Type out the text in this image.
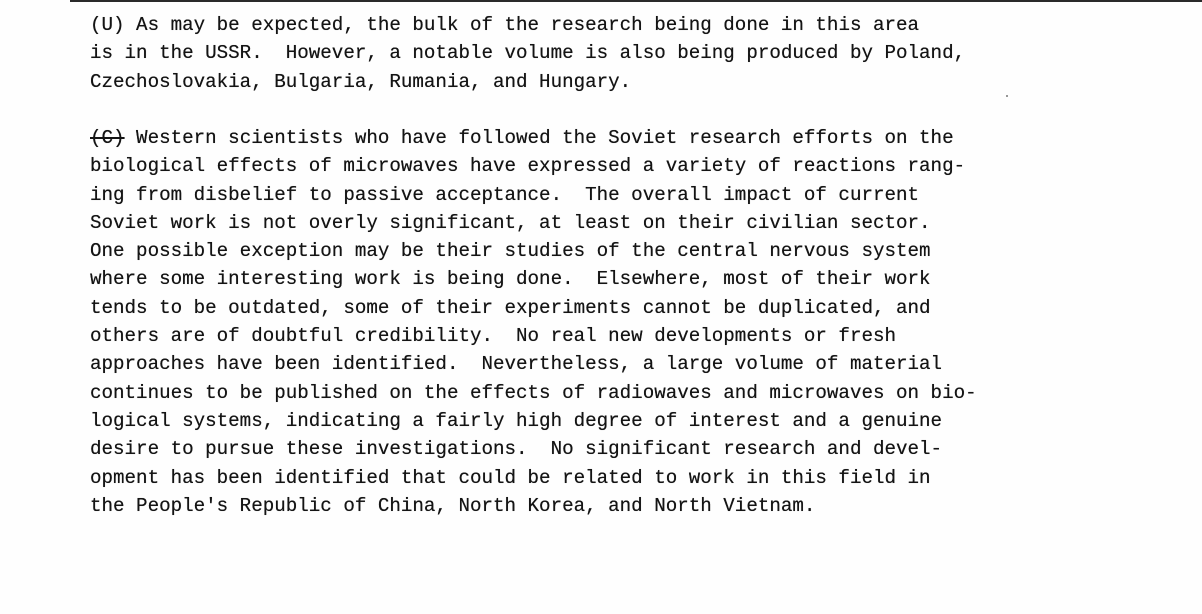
(U) As may be expected, the bulk of the research being done in this area
is in the USSR.  However, a notable volume is also being produced by Poland,
Czechoslovakia, Bulgaria, Rumania, and Hungary.

(C) Western scientists who have followed the Soviet research efforts on the
biological effects of microwaves have expressed a variety of reactions rang-
ing from disbelief to passive acceptance.  The overall impact of current
Soviet work is not overly significant, at least on their civilian sector.
One possible exception may be their studies of the central nervous system
where some interesting work is being done.  Elsewhere, most of their work
tends to be outdated, some of their experiments cannot be duplicated, and
others are of doubtful credibility.  No real new developments or fresh
approaches have been identified.  Nevertheless, a large volume of material
continues to be published on the effects of radiowaves and microwaves on bio-
logical systems, indicating a fairly high degree of interest and a genuine
desire to pursue these investigations.  No significant research and devel-
opment has been identified that could be related to work in this field in
the People's Republic of China, North Korea, and North Vietnam.
